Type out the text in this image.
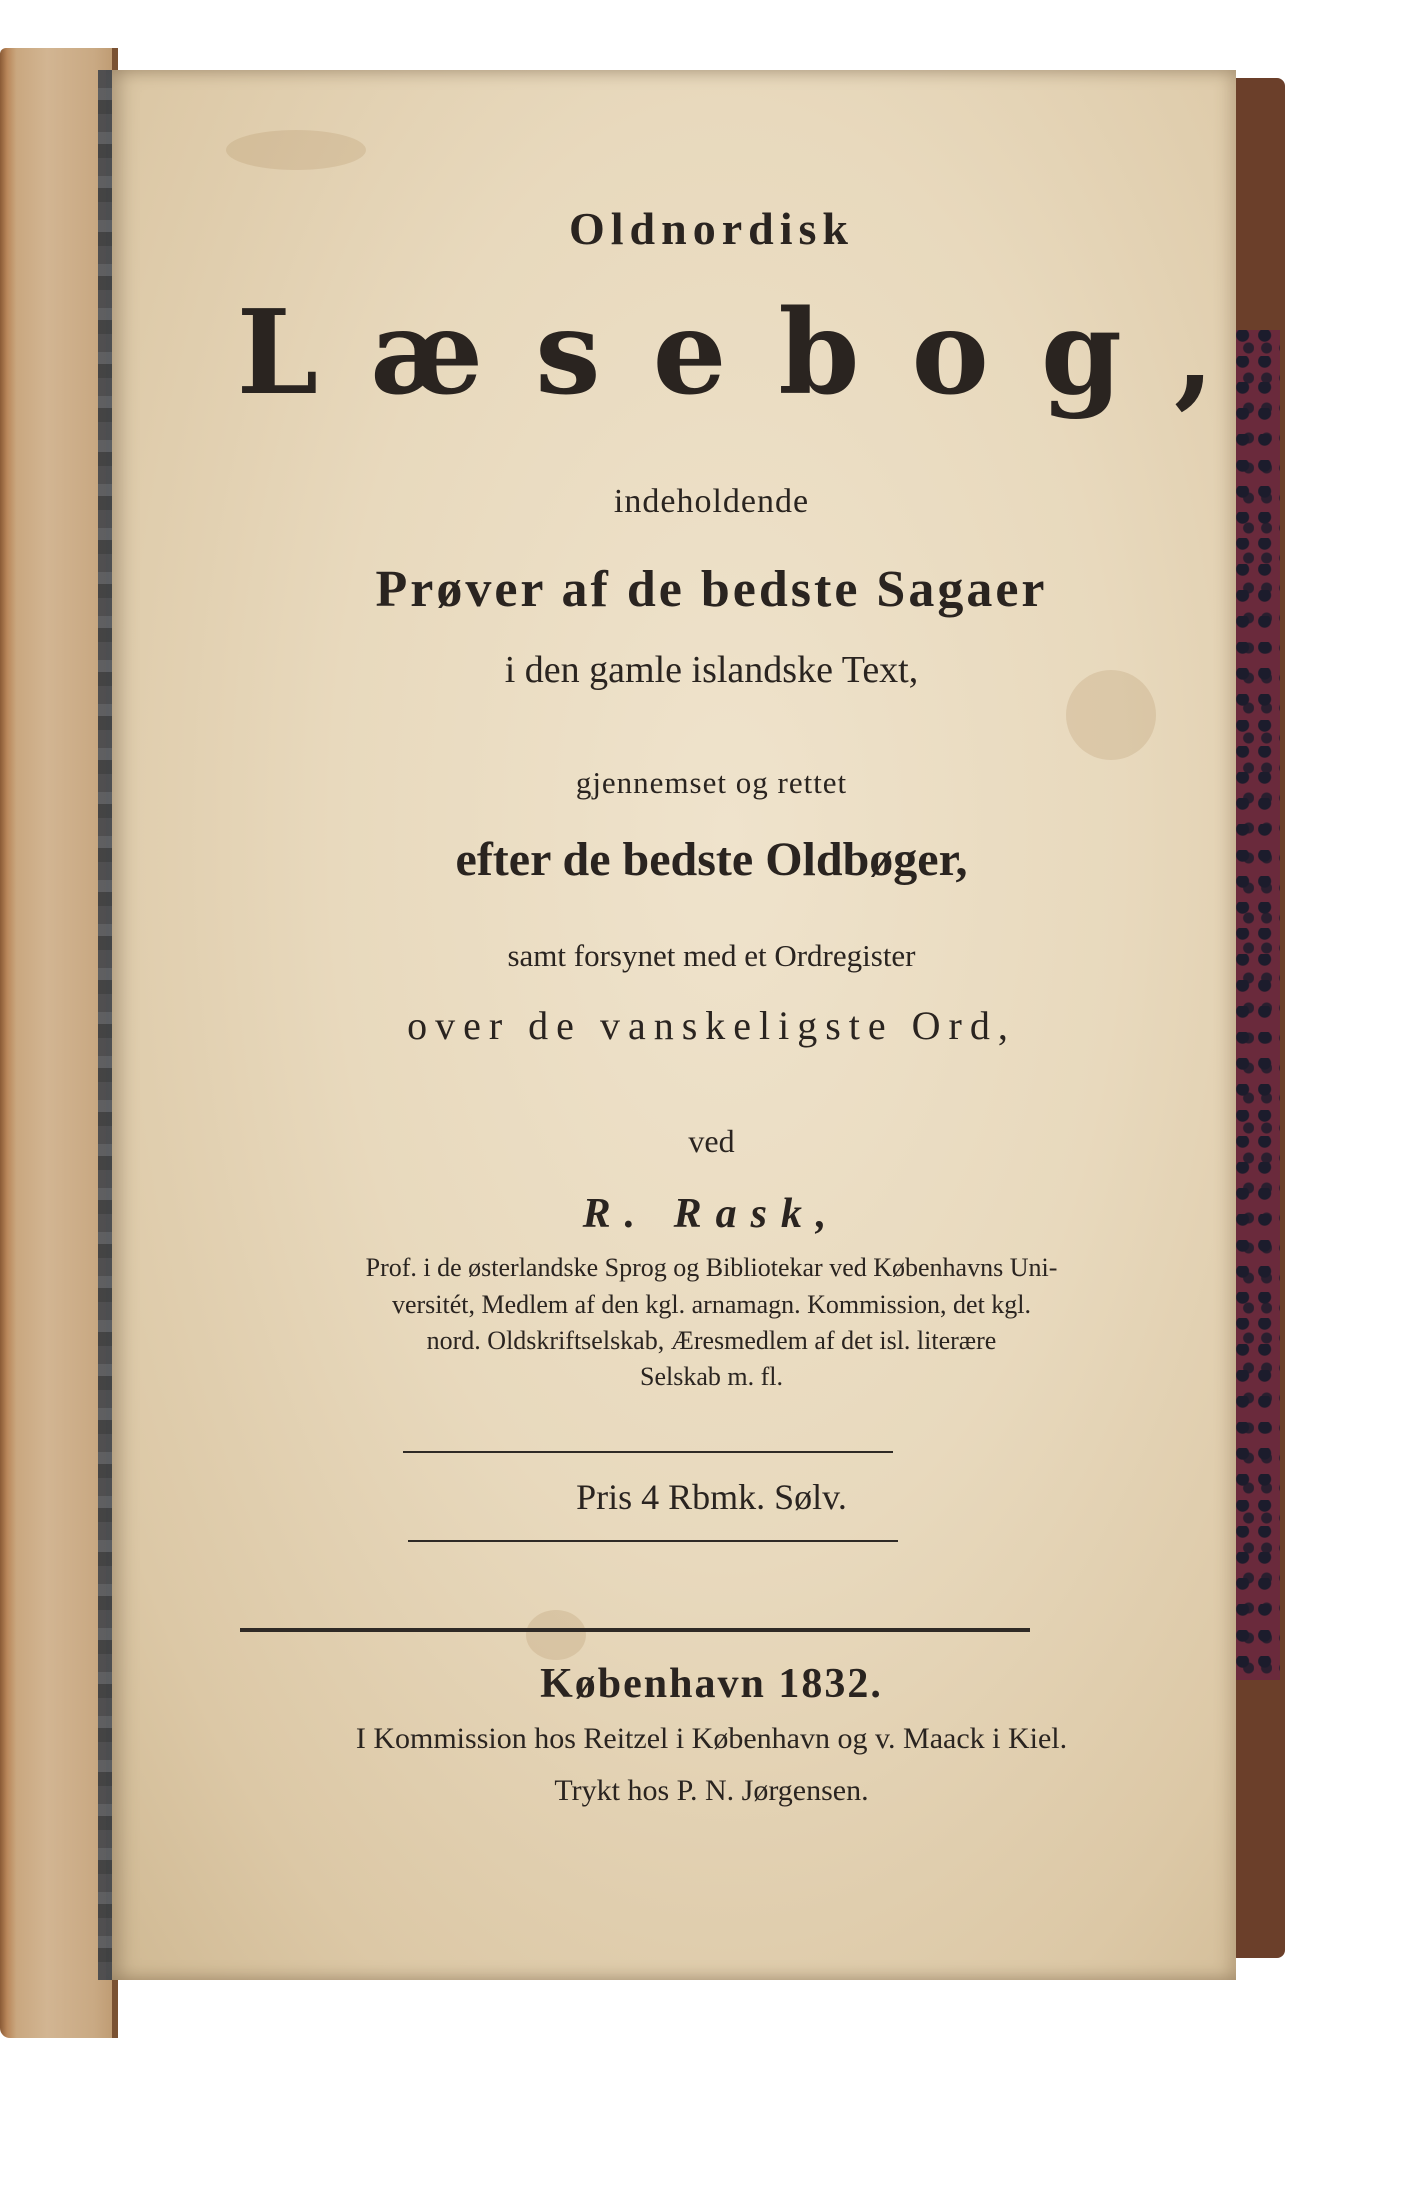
Oldnordisk
Læsebog,
indeholdende
Prøver af de bedste Sagaer
i den gamle islandske Text,
gjennemset og rettet
efter de bedste Oldbøger,
samt forsynet med et Ordregister
over de vanskeligste Ord,
ved
R. Rask,
Prof. i de østerlandske Sprog og Bibliotekar ved Københavns Uni-
versitét, Medlem af den kgl. arnamagn. Kommission, det kgl.
nord. Oldskriftselskab, Æresmedlem af det isl. literære
Selskab m. fl.
Pris 4 Rbmk. Sølv.
København 1832.
I Kommission hos Reitzel i København og v. Maack i Kiel.
Trykt hos P. N. Jørgensen.
